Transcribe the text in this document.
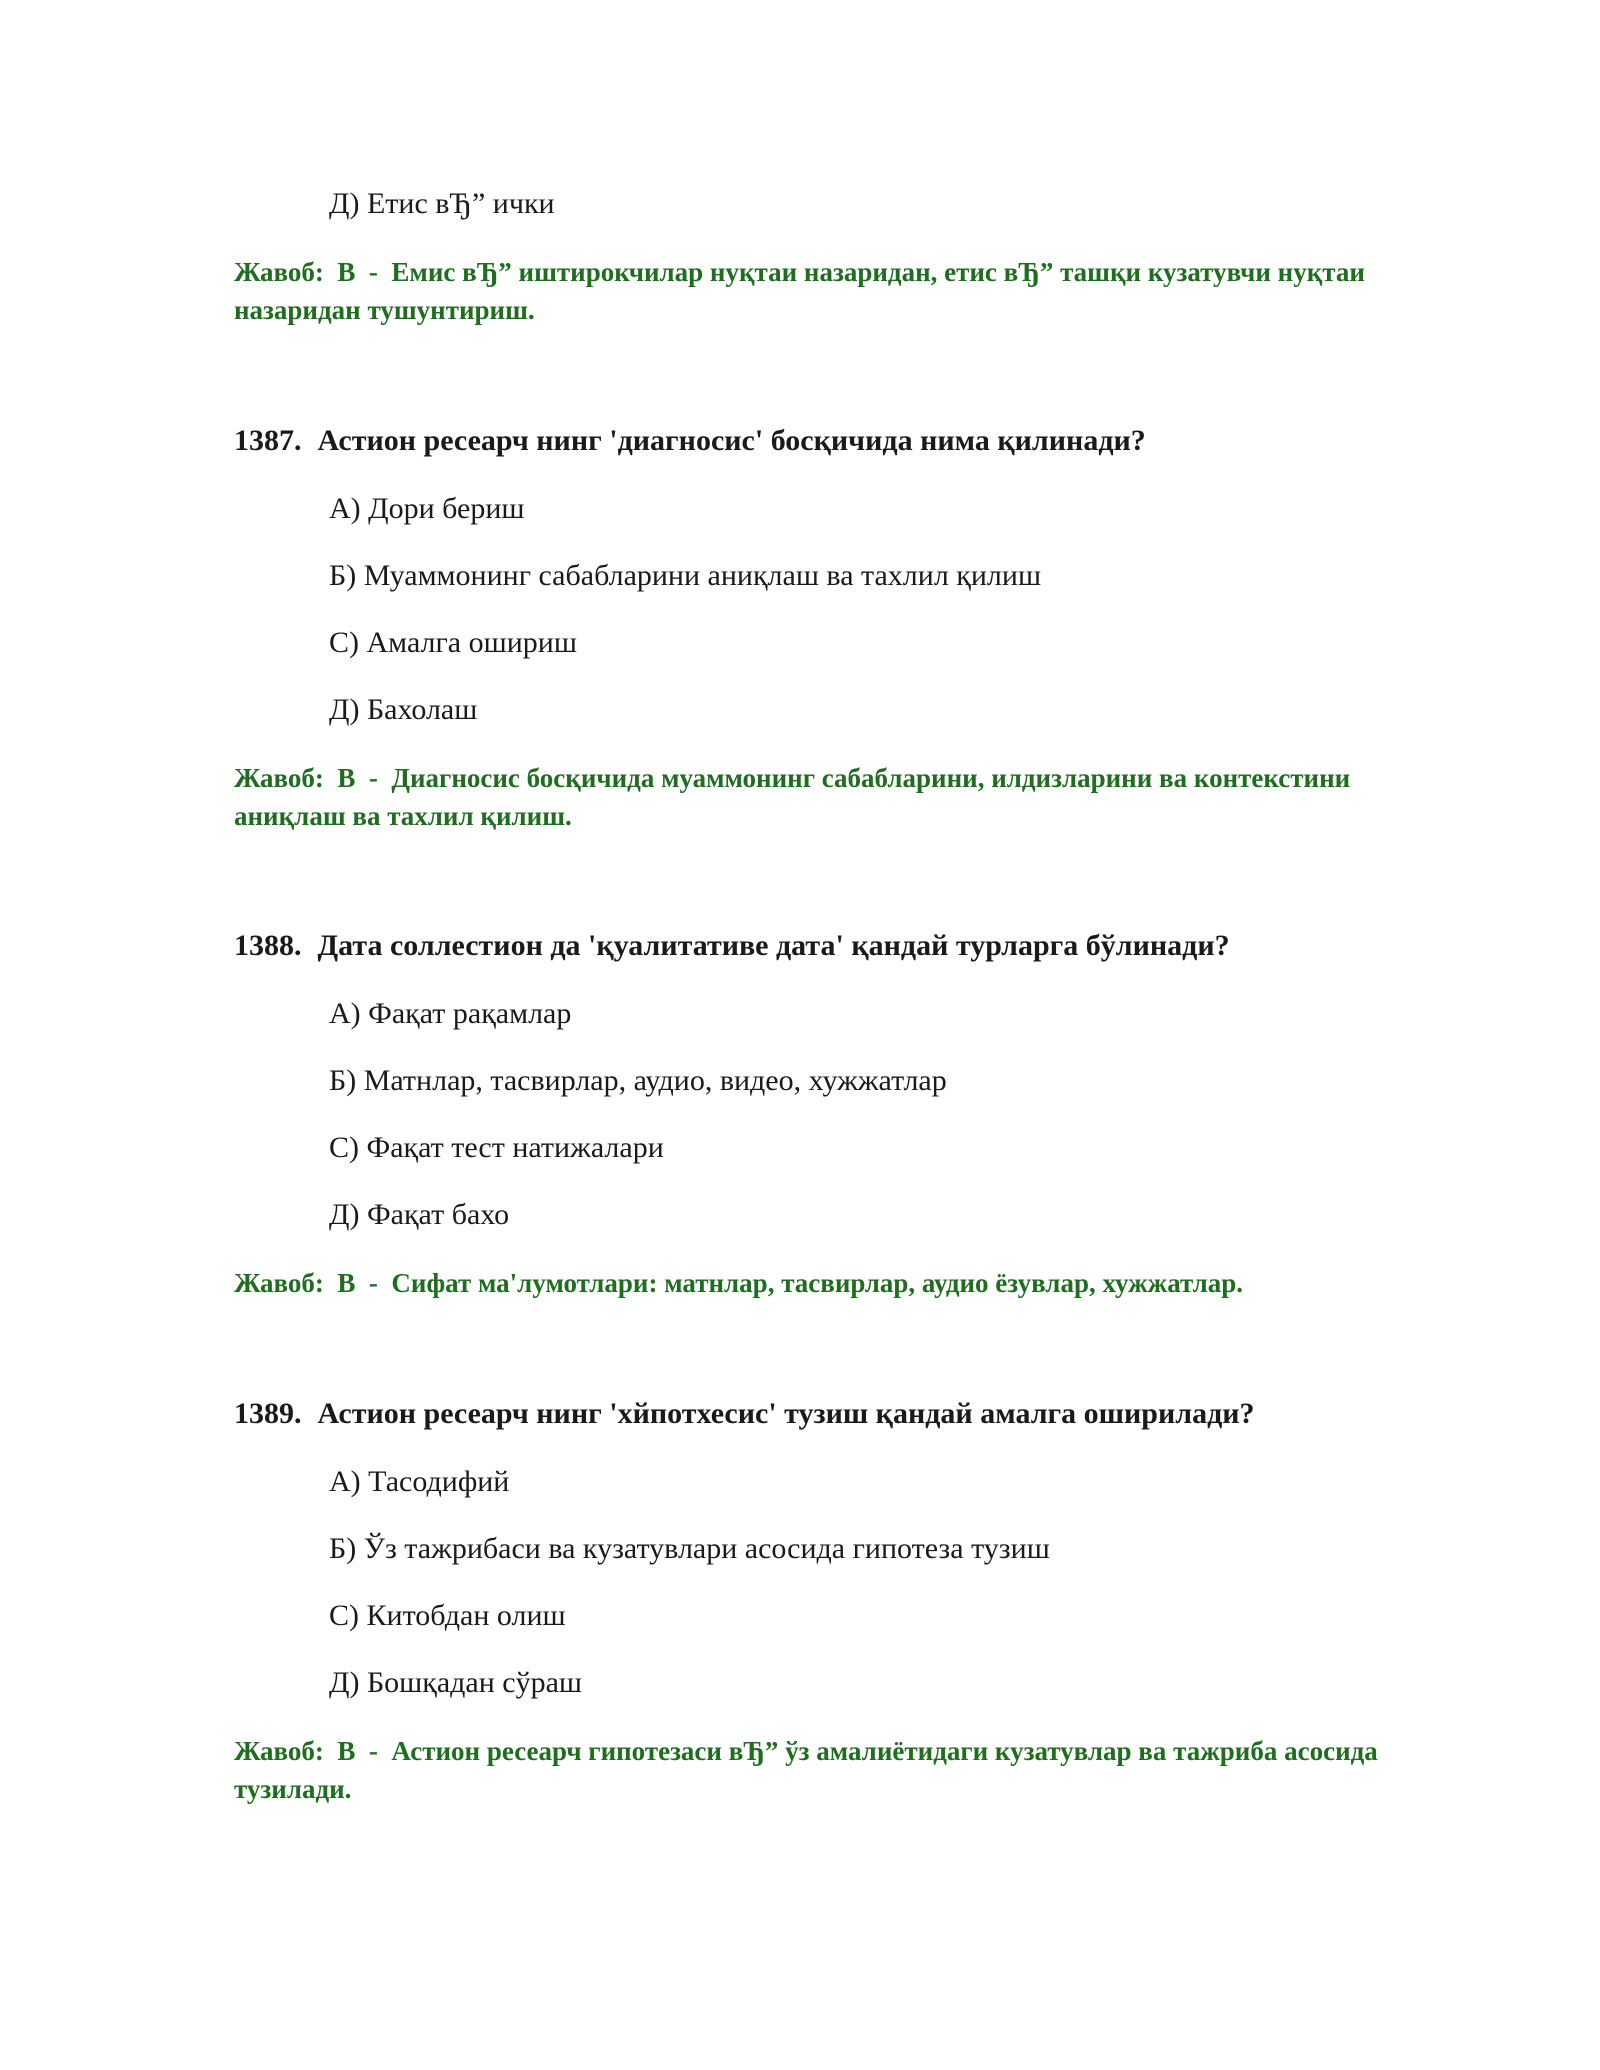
Д) Етис вЂ” ички
Жавоб:  B  -  Емис вЂ” иштирокчилар нуқтаи назаридан, етис вЂ” ташқи кузатувчи нуқтаи назаридан тушунтириш.
1387. Астион ресеарч нинг 'диагносис' босқичида нима қилинади?
А) Дори бериш
Б) Муаммонинг сабабларини аниқлаш ва тахлил қилиш
С) Амалга ошириш
Д) Бахолаш
Жавоб:  B  -  Диагносис босқичида муаммонинг сабабларини, илдизларини ва контекстини аниқлаш ва тахлил қилиш.
1388. Дата соллестион да 'қуалитативе дата' қандай турларга бўлинади?
А) Фақат рақамлар
Б) Матнлар, тасвирлар, аудио, видео, хужжатлар
С) Фақат тест натижалари
Д) Фақат бахо
Жавоб:  B  -  Сифат ма'лумотлари: матнлар, тасвирлар, аудио ёзувлар, хужжатлар.
1389. Астион ресеарч нинг 'хйпотхесис' тузиш қандай амалга оширилади?
А) Тасодифий
Б) Ўз тажрибаси ва кузатувлари асосида гипотеза тузиш
С) Китобдан олиш
Д) Бошқадан сўраш
Жавоб:  B  -  Астион ресеарч гипотезаси вЂ” ўз амалиётидаги кузатувлар ва тажриба асосида тузилади.
